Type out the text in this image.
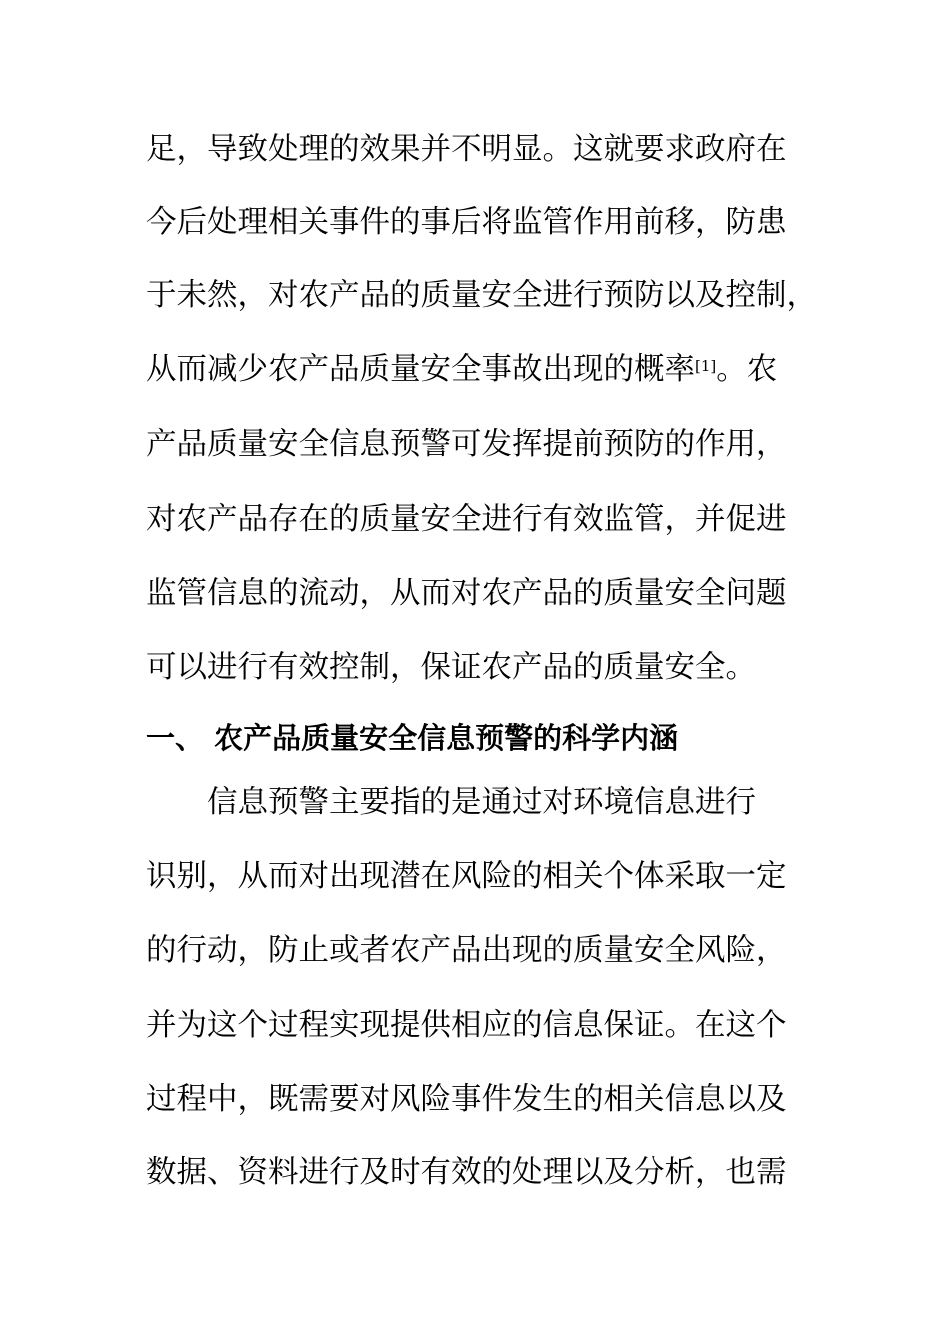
足，导致处理的效果并不明显。这就要求政府在
今后处理相关事件的事后将监管作用前移，防患
于未然，对农产品的质量安全进行预防以及控制，
从而减少农产品质量安全事故出现的概率[1]。农
产品质量安全信息预警可发挥提前预防的作用，
对农产品存在的质量安全进行有效监管，并促进
监管信息的流动，从而对农产品的质量安全问题
可以进行有效控制，保证农产品的质量安全。
一、 农产品质量安全信息预警的科学内涵
信息预警主要指的是通过对环境信息进行
识别，从而对出现潜在风险的相关个体采取一定
的行动，防止或者农产品出现的质量安全风险，
并为这个过程实现提供相应的信息保证。在这个
过程中，既需要对风险事件发生的相关信息以及
数据、资料进行及时有效的处理以及分析，也需
